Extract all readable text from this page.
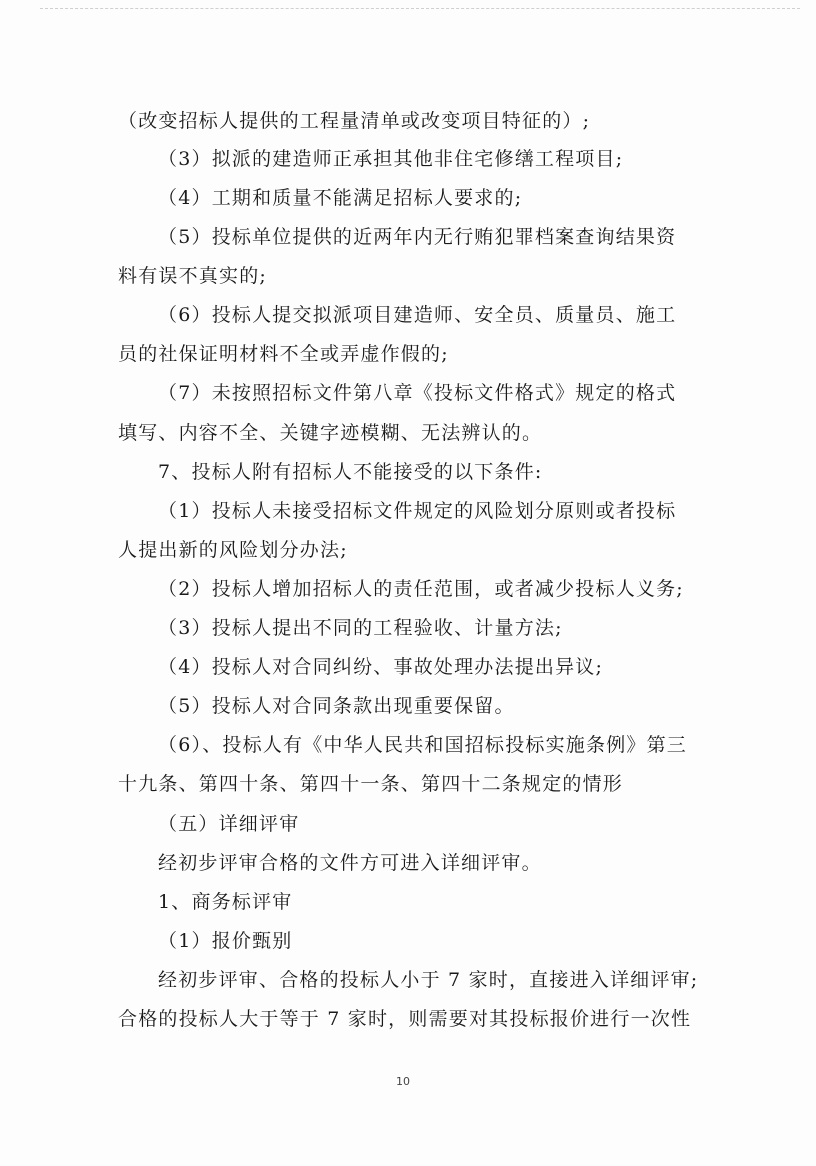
（改变招标人提供的工程量清单或改变项目特征的）;
（3）拟派的建造师正承担其他非住宅修缮工程项目;
（4）工期和质量不能满足招标人要求的;
（5）投标单位提供的近两年内无行贿犯罪档案查询结果资
料有误不真实的;
（6）投标人提交拟派项目建造师、安全员、质量员、施工
员的社保证明材料不全或弄虚作假的;
（7）未按照招标文件第八章《投标文件格式》规定的格式
填写、内容不全、关键字迹模糊、无法辨认的。
7、投标人附有招标人不能接受的以下条件:
（1）投标人未接受招标文件规定的风险划分原则或者投标
人提出新的风险划分办法;
（2）投标人增加招标人的责任范围，或者减少投标人义务;
（3）投标人提出不同的工程验收、计量方法;
（4）投标人对合同纠纷、事故处理办法提出异议;
（5）投标人对合同条款出现重要保留。
（6）、投标人有《中华人民共和国招标投标实施条例》第三
十九条、第四十条、第四十一条、第四十二条规定的情形
（五）详细评审
经初步评审合格的文件方可进入详细评审。
1、商务标评审
（1）报价甄别
经初步评审、合格的投标人小于 7 家时，直接进入详细评审;
合格的投标人大于等于 7 家时，则需要对其投标报价进行一次性
10
